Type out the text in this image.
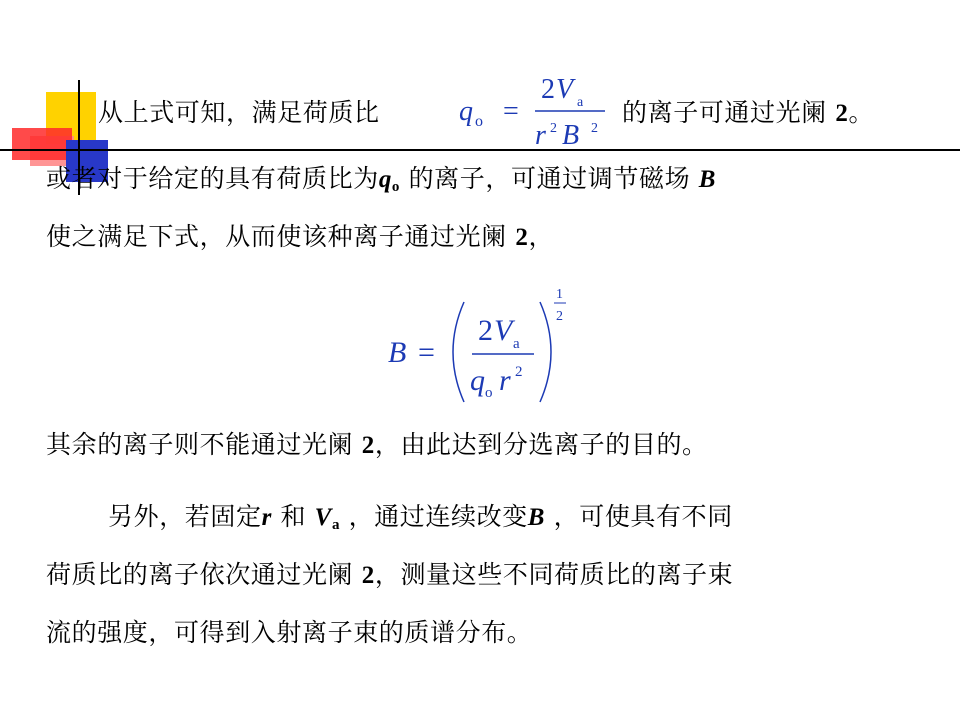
从上式可知，满足荷质比	q o =
2 V a
r 2 B 2
的离子可通过光阑 2。
或者对于给定的具有荷质比为$q_o$ 的离子，可通过调节磁场 B
使之满足下式，从而使该种离子通过光阑 2，
B =
2 V a
q o r 2
1
2
其余的离子则不能通过光阑 2，由此达到分选离子的目的。
另外，若固定r 和 $V_a$ ，通过连续改变B ，可使具有不同
荷质比的离子依次通过光阑 2，测量这些不同荷质比的离子束
流的强度，可得到入射离子束的质谱分布。
